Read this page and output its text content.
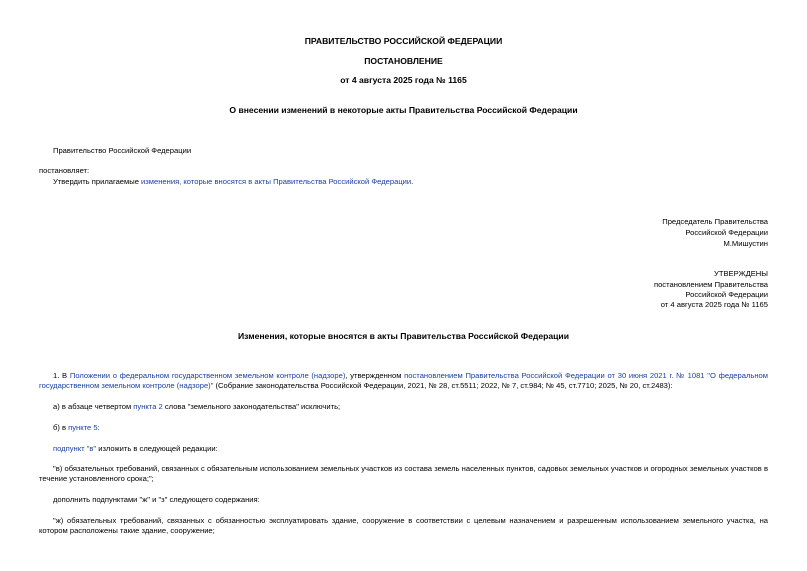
ПРАВИТЕЛЬСТВО РОССИЙСКОЙ ФЕДЕРАЦИИ
ПОСТАНОВЛЕНИЕ
от 4 августа 2025 года № 1165
О внесении изменений в некоторые акты Правительства Российской Федерации
Правительство Российской Федерации
постановляет:
Утвердить прилагаемые изменения, которые вносятся в акты Правительства Российской Федерации.
Председатель Правительства
Российской Федерации
М.Мишустин
УТВЕРЖДЕНЫ
постановлением Правительства
Российской Федерации
от 4 августа 2025 года № 1165
Изменения, которые вносятся в акты Правительства Российской Федерации
1. В Положении о федеральном государственном земельном контроле (надзоре), утвержденном постановлением Правительства Российской Федерации от 30 июня 2021 г. № 1081 "О федеральном государственном земельном контроле (надзоре)" (Собрание законодательства Российской Федерации, 2021, № 28, ст.5511; 2022, № 7, ст.984; № 45, ст.7710; 2025, № 20, ст.2483):
а) в абзаце четвертом пункта 2 слова "земельного законодательства" исключить;
б) в пункте 5:
подпункт "в" изложить в следующей редакции:
"в) обязательных требований, связанных с обязательным использованием земельных участков из состава земель населенных пунктов, садовых земельных участков и огородных земельных участков в течение установленного срока;";
дополнить подпунктами "ж" и "з" следующего содержания:
"ж) обязательных требований, связанных с обязанностью эксплуатировать здание, сооружение в соответствии с целевым назначением и разрешенным использованием земельного участка, на котором расположены такие здание, сооружение;
